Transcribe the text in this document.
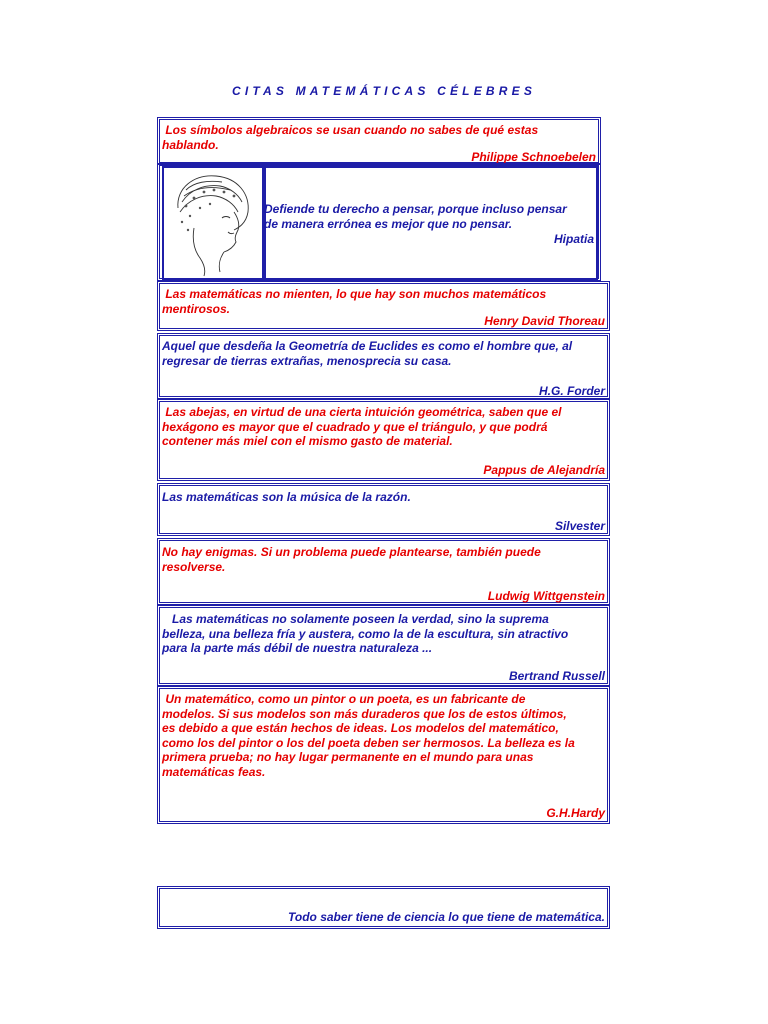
CITAS MATEMÁTICAS CÉLEBRES
Los símbolos algebraicos se usan cuando no sabes de qué estas
hablando.
Philippe Schnoebelen
Defiende tu derecho a pensar, porque incluso pensar
de manera errónea es mejor que no pensar.
Hipatia
Las matemáticas no mienten, lo que hay son muchos matemáticos
mentirosos.
Henry David Thoreau
Aquel que desdeña la Geometría de Euclides es como el hombre que, al
regresar de tierras extrañas, menosprecia su casa.
H.G. Forder
Las abejas, en virtud de una cierta intuición geométrica, saben que el
hexágono es mayor que el cuadrado y que el triángulo, y que podrá
contener más miel con el mismo gasto de material.
Pappus de Alejandría
Las matemáticas son la música de la razón.
Silvester
No hay enigmas. Si un problema puede plantearse, también puede
resolverse.
Ludwig Wittgenstein
Las matemáticas no solamente poseen la verdad, sino la suprema
belleza, una belleza fría y austera, como la de la escultura, sin atractivo
para la parte más débil de nuestra naturaleza ...
Bertrand Russell
Un matemático, como un pintor o un poeta, es un fabricante de
modelos. Si sus modelos son más duraderos que los de estos últimos,
es debido a que están hechos de ideas. Los modelos del matemático,
como los del pintor o los del poeta deben ser hermosos. La belleza es la
primera prueba; no hay lugar permanente en el mundo para unas
matemáticas feas.
G.H.Hardy
Todo saber tiene de ciencia lo que tiene de matemática.
